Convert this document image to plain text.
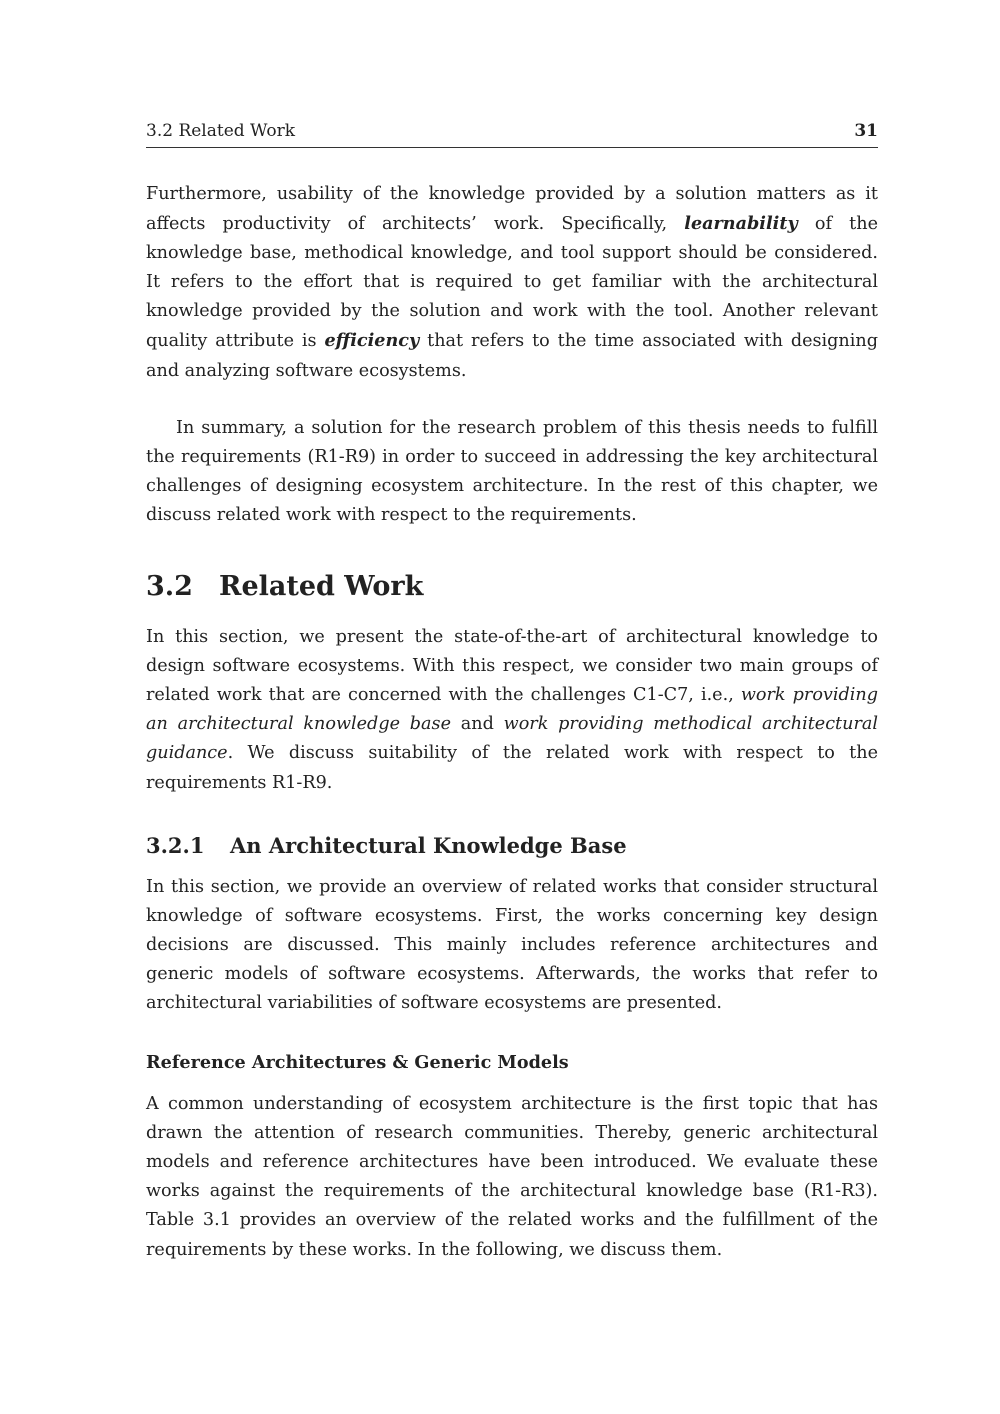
3.2 Related Work	31

Furthermore, usability of the knowledge provided by a solution matters as it affects productivity of architects’ work. Specifically, learnability of the knowledge base, methodical knowledge, and tool support should be considered. It refers to the effort that is required to get familiar with the architectural knowledge provided by the solution and work with the tool. Another relevant quality attribute is efficiency that refers to the time associated with designing and analyzing software ecosystems.

In summary, a solution for the research problem of this thesis needs to fulfill the requirements (R1-R9) in order to succeed in addressing the key architectural challenges of designing ecosystem architecture. In the rest of this chapter, we discuss related work with respect to the requirements.

3.2 Related Work

In this section, we present the state-of-the-art of architectural knowledge to design software ecosystems. With this respect, we consider two main groups of related work that are concerned with the challenges C1-C7, i.e., work providing an architectural knowledge base and work providing methodical architectural guidance. We discuss suitability of the related work with respect to the requirements R1-R9.

3.2.1 An Architectural Knowledge Base

In this section, we provide an overview of related works that consider structural knowledge of software ecosystems. First, the works concerning key design decisions are discussed. This mainly includes reference architectures and generic models of software ecosystems. Afterwards, the works that refer to architectural variabilities of software ecosystems are presented.

Reference Architectures & Generic Models

A common understanding of ecosystem architecture is the first topic that has drawn the attention of research communities. Thereby, generic architectural models and reference architectures have been introduced. We evaluate these works against the requirements of the architectural knowledge base (R1-R3). Table 3.1 provides an overview of the related works and the fulfillment of the requirements by these works. In the following, we discuss them.
